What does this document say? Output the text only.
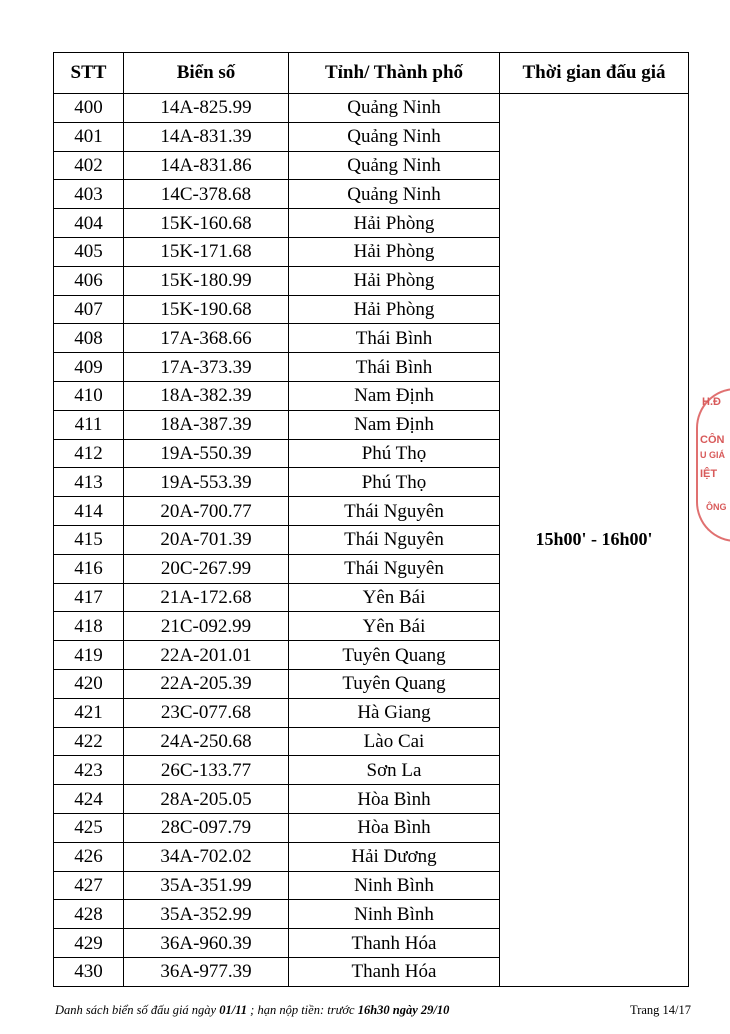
STT	Biển số	Tỉnh/ Thành phố	Thời gian đấu giá
400	14A-825.99	Quảng Ninh	15h00' - 16h00'
401	14A-831.39	Quảng Ninh	
402	14A-831.86	Quảng Ninh	
403	14C-378.68	Quảng Ninh	
404	15K-160.68	Hải Phòng	
405	15K-171.68	Hải Phòng	
406	15K-180.99	Hải Phòng	
407	15K-190.68	Hải Phòng	
408	17A-368.66	Thái Bình	
409	17A-373.39	Thái Bình	
410	18A-382.39	Nam Định	
411	18A-387.39	Nam Định	
412	19A-550.39	Phú Thọ	
413	19A-553.39	Phú Thọ	
414	20A-700.77	Thái Nguyên	
415	20A-701.39	Thái Nguyên	
416	20C-267.99	Thái Nguyên	
417	21A-172.68	Yên Bái	
418	21C-092.99	Yên Bái	
419	22A-201.01	Tuyên Quang	
420	22A-205.39	Tuyên Quang	
421	23C-077.68	Hà Giang	
422	24A-250.68	Lào Cai	
423	26C-133.77	Sơn La	
424	28A-205.05	Hòa Bình	
425	28C-097.79	Hòa Bình	
426	34A-702.02	Hải Dương	
427	35A-351.99	Ninh Bình	
428	35A-352.99	Ninh Bình	
429	36A-960.39	Thanh Hóa	
430	36A-977.39	Thanh Hóa	
H.Đ
CÔN
U GIÁ
IỆT
ÔNG
Danh sách biển số đấu giá ngày 01/11 ; hạn nộp tiền: trước 16h30 ngày 29/10	Trang 14/17
